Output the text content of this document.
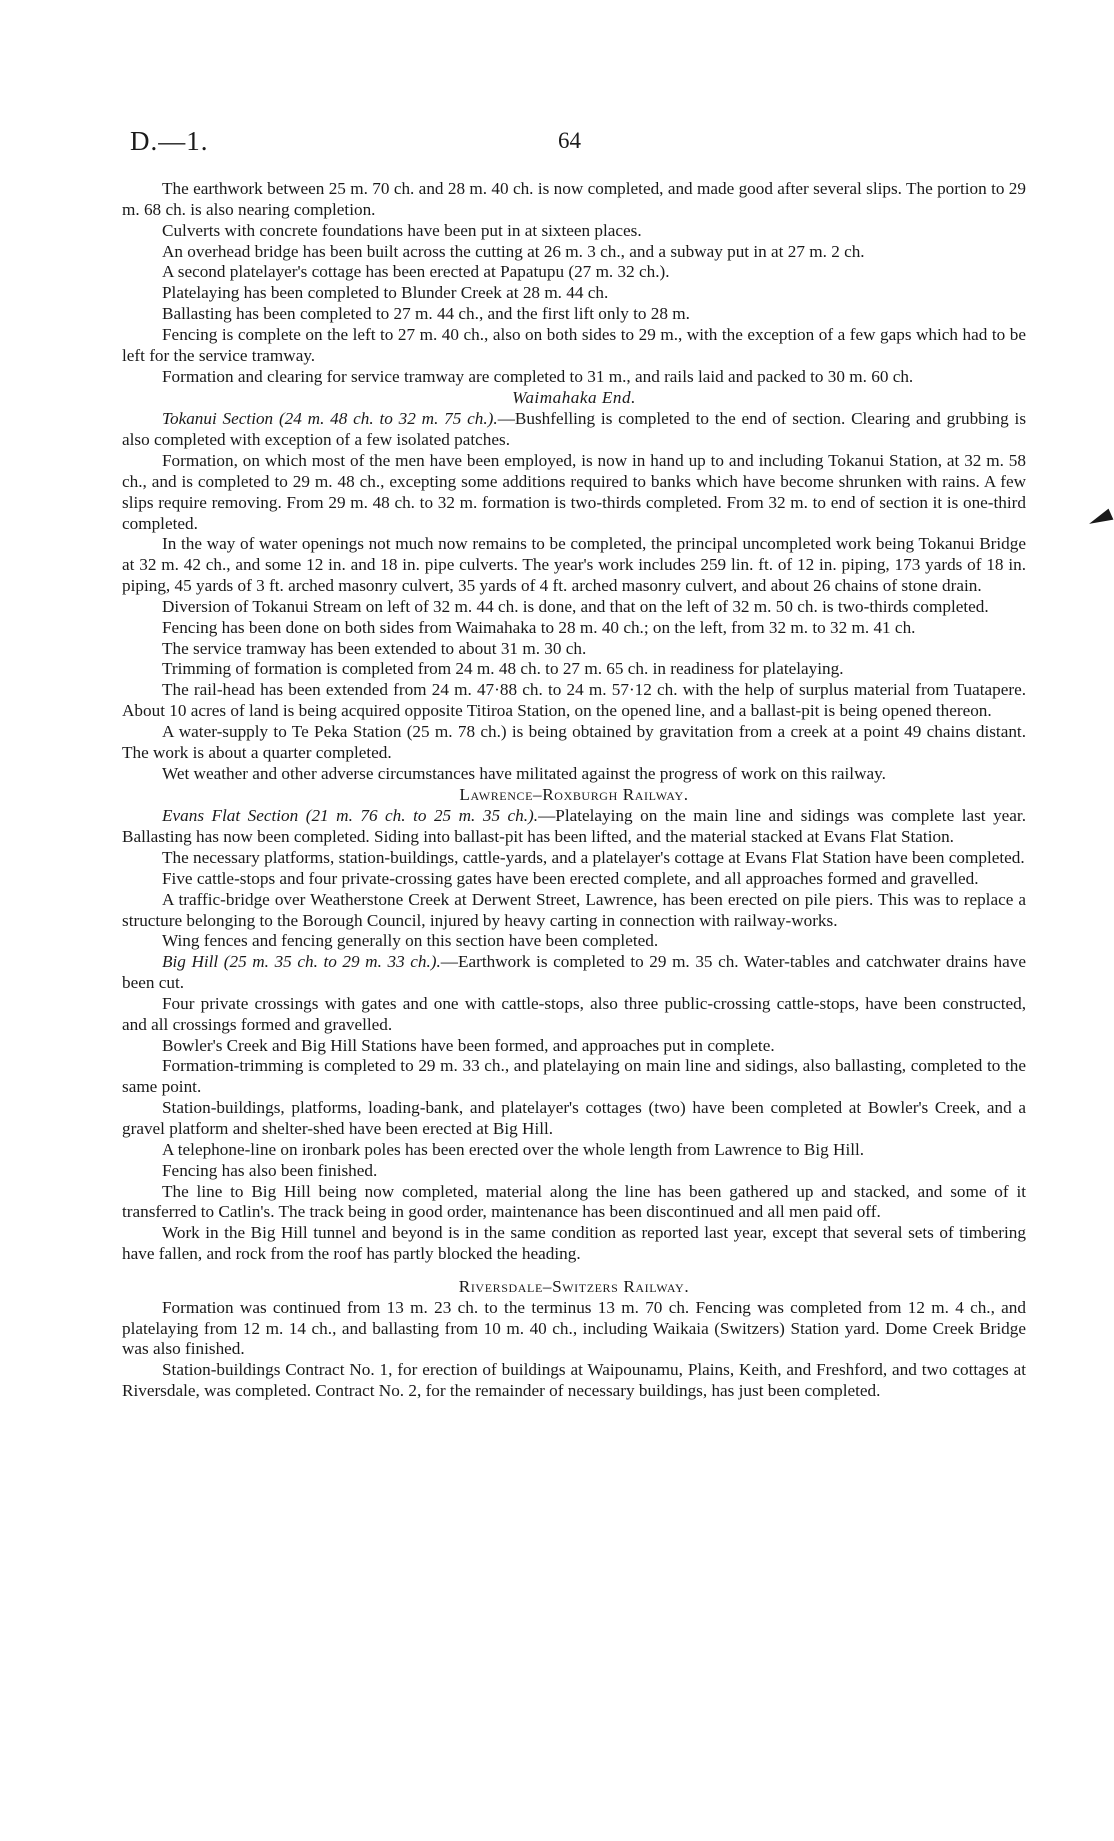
D.—1.	64

The earthwork between 25 m. 70 ch. and 28 m. 40 ch. is now completed, and made good after several slips. The portion to 29 m. 68 ch. is also nearing completion.

Culverts with concrete foundations have been put in at sixteen places.

An overhead bridge has been built across the cutting at 26 m. 3 ch., and a subway put in at 27 m. 2 ch.

A second platelayer's cottage has been erected at Papatupu (27 m. 32 ch.).

Platelaying has been completed to Blunder Creek at 28 m. 44 ch.

Ballasting has been completed to 27 m. 44 ch., and the first lift only to 28 m.

Fencing is complete on the left to 27 m. 40 ch., also on both sides to 29 m., with the exception of a few gaps which had to be left for the service tramway.

Formation and clearing for service tramway are completed to 31 m., and rails laid and packed to 30 m. 60 ch.

Waimahaka End.

Tokanui Section (24 m. 48 ch. to 32 m. 75 ch.).—Bushfelling is completed to the end of section. Clearing and grubbing is also completed with exception of a few isolated patches.

Formation, on which most of the men have been employed, is now in hand up to and including Tokanui Station, at 32 m. 58 ch., and is completed to 29 m. 48 ch., excepting some additions required to banks which have become shrunken with rains. A few slips require removing. From 29 m. 48 ch. to 32 m. formation is two-thirds completed. From 32 m. to end of section it is one-third completed.

In the way of water openings not much now remains to be completed, the principal uncompleted work being Tokanui Bridge at 32 m. 42 ch., and some 12 in. and 18 in. pipe culverts. The year's work includes 259 lin. ft. of 12 in. piping, 173 yards of 18 in. piping, 45 yards of 3 ft. arched masonry culvert, 35 yards of 4 ft. arched masonry culvert, and about 26 chains of stone drain.

Diversion of Tokanui Stream on left of 32 m. 44 ch. is done, and that on the left of 32 m. 50 ch. is two-thirds completed.

Fencing has been done on both sides from Waimahaka to 28 m. 40 ch.; on the left, from 32 m. to 32 m. 41 ch.

The service tramway has been extended to about 31 m. 30 ch.

Trimming of formation is completed from 24 m. 48 ch. to 27 m. 65 ch. in readiness for platelaying.

The rail-head has been extended from 24 m. 47·88 ch. to 24 m. 57·12 ch. with the help of surplus material from Tuatapere. About 10 acres of land is being acquired opposite Titiroa Station, on the opened line, and a ballast-pit is being opened thereon.

A water-supply to Te Peka Station (25 m. 78 ch.) is being obtained by gravitation from a creek at a point 49 chains distant. The work is about a quarter completed.

Wet weather and other adverse circumstances have militated against the progress of work on this railway.

Lawrence–Roxburgh Railway.

Evans Flat Section (21 m. 76 ch. to 25 m. 35 ch.).—Platelaying on the main line and sidings was complete last year. Ballasting has now been completed. Siding into ballast-pit has been lifted, and the material stacked at Evans Flat Station.

The necessary platforms, station-buildings, cattle-yards, and a platelayer's cottage at Evans Flat Station have been completed.

Five cattle-stops and four private-crossing gates have been erected complete, and all approaches formed and gravelled.

A traffic-bridge over Weatherstone Creek at Derwent Street, Lawrence, has been erected on pile piers. This was to replace a structure belonging to the Borough Council, injured by heavy carting in connection with railway-works.

Wing fences and fencing generally on this section have been completed.

Big Hill (25 m. 35 ch. to 29 m. 33 ch.).—Earthwork is completed to 29 m. 35 ch. Water-tables and catchwater drains have been cut.

Four private crossings with gates and one with cattle-stops, also three public-crossing cattle-stops, have been constructed, and all crossings formed and gravelled.

Bowler's Creek and Big Hill Stations have been formed, and approaches put in complete.

Formation-trimming is completed to 29 m. 33 ch., and platelaying on main line and sidings, also ballasting, completed to the same point.

Station-buildings, platforms, loading-bank, and platelayer's cottages (two) have been completed at Bowler's Creek, and a gravel platform and shelter-shed have been erected at Big Hill.

A telephone-line on ironbark poles has been erected over the whole length from Lawrence to Big Hill.

Fencing has also been finished.

The line to Big Hill being now completed, material along the line has been gathered up and stacked, and some of it transferred to Catlin's. The track being in good order, maintenance has been discontinued and all men paid off.

Work in the Big Hill tunnel and beyond is in the same condition as reported last year, except that several sets of timbering have fallen, and rock from the roof has partly blocked the heading.

Riversdale–Switzers Railway.

Formation was continued from 13 m. 23 ch. to the terminus 13 m. 70 ch. Fencing was completed from 12 m. 4 ch., and platelaying from 12 m. 14 ch., and ballasting from 10 m. 40 ch., including Waikaia (Switzers) Station yard. Dome Creek Bridge was also finished.

Station-buildings Contract No. 1, for erection of buildings at Waipounamu, Plains, Keith, and Freshford, and two cottages at Riversdale, was completed. Contract No. 2, for the remainder of necessary buildings, has just been completed.
